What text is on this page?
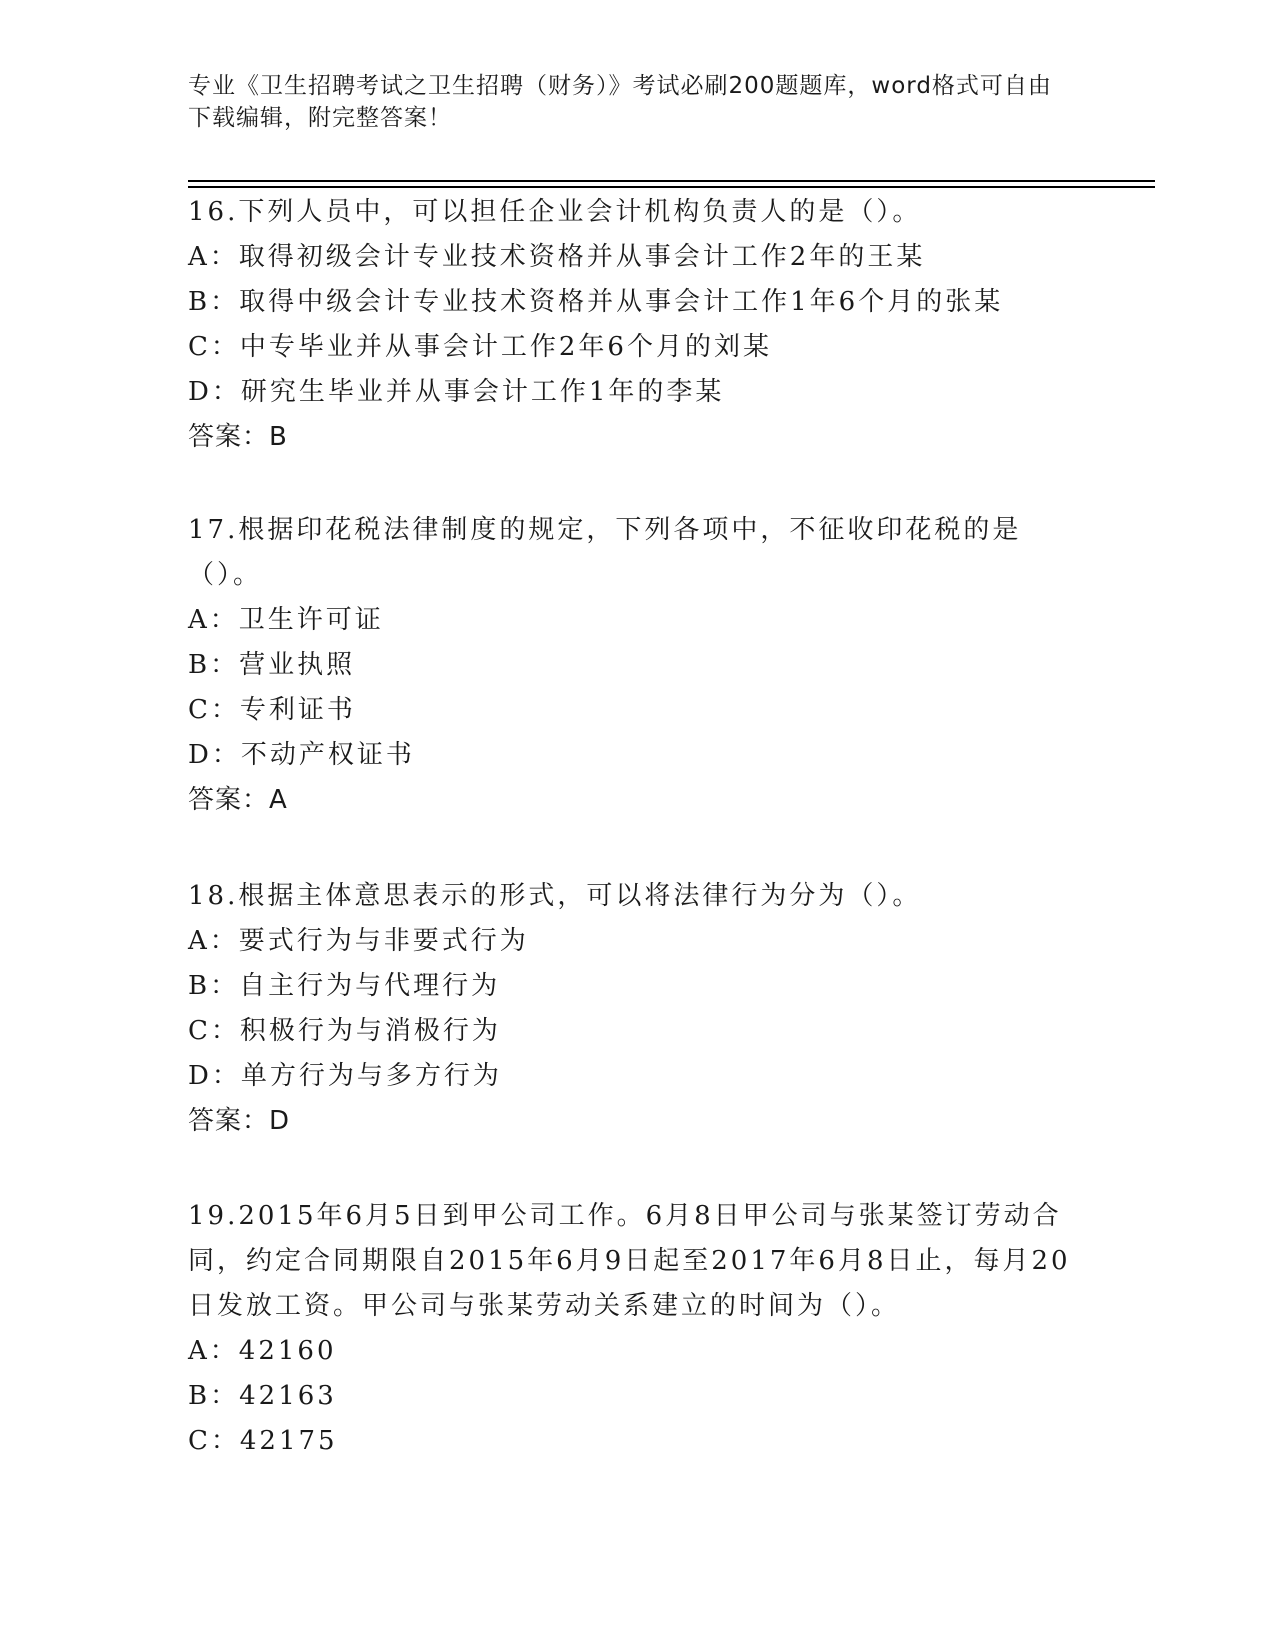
专业《卫生招聘考试之卫生招聘（财务）》考试必刷200题题库，word格式可自由下载编辑，附完整答案！
16.下列人员中，可以担任企业会计机构负责人的是（）。
A：取得初级会计专业技术资格并从事会计工作2年的王某
B：取得中级会计专业技术资格并从事会计工作1年6个月的张某
C：中专毕业并从事会计工作2年6个月的刘某
D：研究生毕业并从事会计工作1年的李某
答案：B
17.根据印花税法律制度的规定，下列各项中，不征收印花税的是（）。
A：卫生许可证
B：营业执照
C：专利证书
D：不动产权证书
答案：A
18.根据主体意思表示的形式，可以将法律行为分为（）。
A：要式行为与非要式行为
B：自主行为与代理行为
C：积极行为与消极行为
D：单方行为与多方行为
答案：D
19.2015年6月5日到甲公司工作。6月8日甲公司与张某签订劳动合同，约定合同期限自2015年6月9日起至2017年6月8日止，每月20日发放工资。甲公司与张某劳动关系建立的时间为（）。
A：42160
B：42163
C：42175
